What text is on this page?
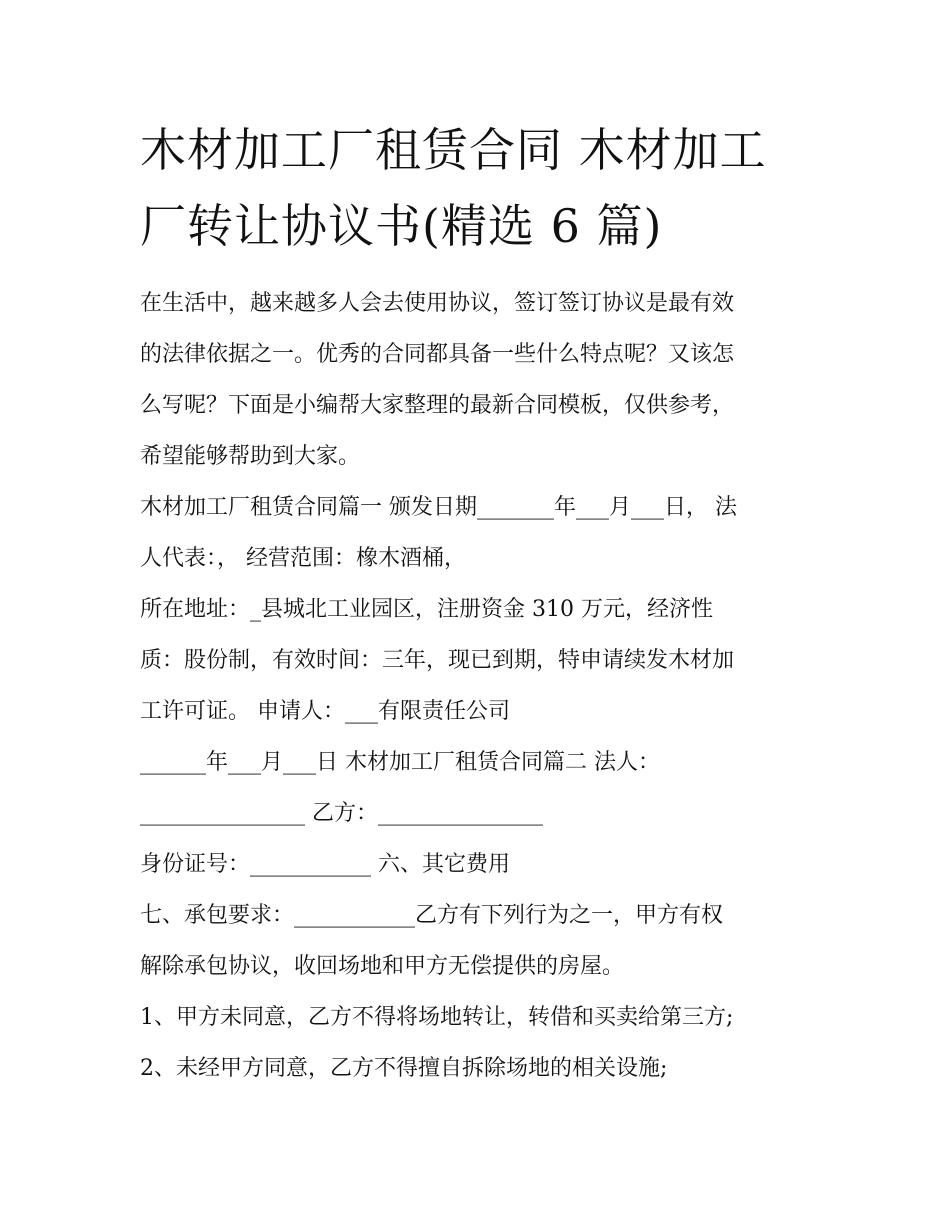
木材加工厂租赁合同 木材加工
厂转让协议书(精选 6 篇)

在生活中，越来越多人会去使用协议，签订签订协议是最有效
的法律依据之一。优秀的合同都具备一些什么特点呢？又该怎
么写呢？下面是小编帮大家整理的最新合同模板，仅供参考，
希望能够帮助到大家。

木材加工厂租赁合同篇一 颁发日期_______年___月___日， 法
人代表：， 经营范围：橡木酒桶，

所在地址：_县城北工业园区，注册资金 310 万元，经济性
质：股份制，有效时间：三年，现已到期，特申请续发木材加
工许可证。 申请人：___有限责任公司

______年___月___日 木材加工厂租赁合同篇二 法人：
_______________ 乙方：_______________

身份证号：___________ 六、其它费用

七、承包要求：___________乙方有下列行为之一，甲方有权
解除承包协议，收回场地和甲方无偿提供的房屋。

1、甲方未同意，乙方不得将场地转让，转借和买卖给第三方;

2、未经甲方同意，乙方不得擅自拆除场地的相关设施;
